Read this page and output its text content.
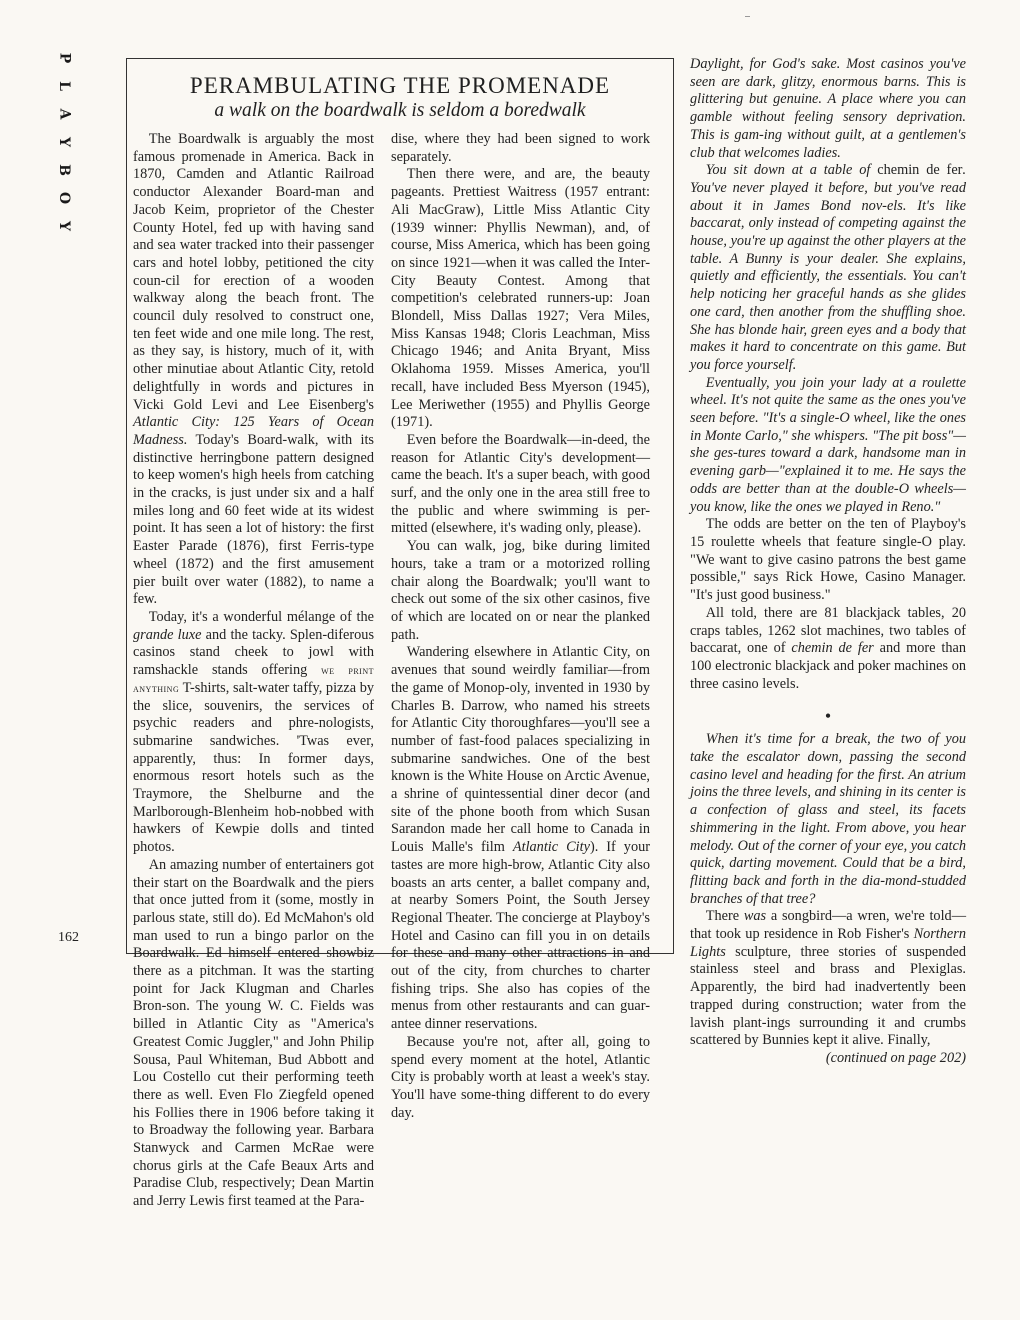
P
L
A
Y
B
O
Y
PERAMBULATING THE PROMENADE
a walk on the boardwalk is seldom a boredwalk

The Boardwalk is arguably the most famous promenade in America. Back in 1870, Camden and Atlantic Railroad conductor Alexander Board-man and Jacob Keim, proprietor of the Chester County Hotel, fed up with having sand and sea water tracked into their passenger cars and hotel lobby, petitioned the city coun-cil for erection of a wooden walkway along the beach front. The council duly resolved to construct one, ten feet wide and one mile long. The rest, as they say, is history, much of it, with other minutiae about Atlantic City, retold delightfully in words and pictures in Vicki Gold Levi and Lee Eisenberg's Atlantic City: 125 Years of Ocean Madness. Today's Board-walk, with its distinctive herringbone pattern designed to keep women's high heels from catching in the cracks, is just under six and a half miles long and 60 feet wide at its widest point. It has seen a lot of history: the first Easter Parade (1876), first Ferris-type wheel (1872) and the first amusement pier built over water (1882), to name a few.

Today, it's a wonderful mélange of the grande luxe and the tacky. Splen-diferous casinos stand cheek to jowl with ramshackle stands offering we print anything T-shirts, salt-water taffy, pizza by the slice, souvenirs, the services of psychic readers and phre-nologists, submarine sandwiches. 'Twas ever, apparently, thus: In former days, enormous resort hotels such as the Traymore, the Shelburne and the Marlborough-Blenheim hob-nobbed with hawkers of Kewpie dolls and tinted photos.

An amazing number of entertainers got their start on the Boardwalk and the piers that once jutted from it (some, mostly in parlous state, still do). Ed McMahon's old man used to run a bingo parlor on the Boardwalk. Ed himself entered showbiz there as a pitchman. It was the starting point for Jack Klugman and Charles Bron-son. The young W. C. Fields was billed in Atlantic City as "America's Greatest Comic Juggler," and John Philip Sousa, Paul Whiteman, Bud Abbott and Lou Costello cut their performing teeth there as well. Even Flo Ziegfeld opened his Follies there in 1906 before taking it to Broadway the following year. Barbara Stanwyck and Carmen McRae were chorus girls at the Cafe Beaux Arts and Paradise Club, respectively; Dean Martin and Jerry Lewis first teamed at the Para-

dise, where they had been signed to work separately.

Then there were, and are, the beauty pageants. Prettiest Waitress (1957 entrant: Ali MacGraw), Little Miss Atlantic City (1939 winner: Phyllis Newman), and, of course, Miss America, which has been going on since 1921—when it was called the Inter-City Beauty Contest. Among that competition's celebrated runners-up: Joan Blondell, Miss Dallas 1927; Vera Miles, Miss Kansas 1948; Cloris Leachman, Miss Chicago 1946; and Anita Bryant, Miss Oklahoma 1959. Misses America, you'll recall, have included Bess Myerson (1945), Lee Meriwether (1955) and Phyllis George (1971).

Even before the Boardwalk—in-deed, the reason for Atlantic City's development—came the beach. It's a super beach, with good surf, and the only one in the area still free to the public and where swimming is per-mitted (elsewhere, it's wading only, please).

You can walk, jog, bike during limited hours, take a tram or a motorized rolling chair along the Boardwalk; you'll want to check out some of the six other casinos, five of which are located on or near the planked path.

Wandering elsewhere in Atlantic City, on avenues that sound weirdly familiar—from the game of Monop-oly, invented in 1930 by Charles B. Darrow, who named his streets for Atlantic City thoroughfares—you'll see a number of fast-food palaces specializing in submarine sandwiches. One of the best known is the White House on Arctic Avenue, a shrine of quintessential diner decor (and site of the phone booth from which Susan Sarandon made her call home to Canada in Louis Malle's film Atlantic City). If your tastes are more high-brow, Atlantic City also boasts an arts center, a ballet company and, at nearby Somers Point, the South Jersey Regional Theater. The concierge at Playboy's Hotel and Casino can fill you in on details for these and many other attractions in and out of the city, from churches to charter fishing trips. She also has copies of the menus from other restaurants and can guar-antee dinner reservations.

Because you're not, after all, going to spend every moment at the hotel, Atlantic City is probably worth at least a week's stay. You'll have some-thing different to do every day.

Daylight, for God's sake. Most casinos you've seen are dark, glitzy, enormous barns. This is glittering but genuine. A place where you can gamble without feeling sensory deprivation. This is gam-ing without guilt, at a gentlemen's club that welcomes ladies.

You sit down at a table of chemin de fer. You've never played it before, but you've read about it in James Bond nov-els. It's like baccarat, only instead of competing against the house, you're up against the other players at the table. A Bunny is your dealer. She explains, quietly and efficiently, the essentials. You can't help noticing her graceful hands as she glides one card, then another from the shuffling shoe. She has blonde hair, green eyes and a body that makes it hard to concentrate on this game. But you force yourself.

Eventually, you join your lady at a roulette wheel. It's not quite the same as the ones you've seen before. "It's a single-O wheel, like the ones in Monte Carlo," she whispers. "The pit boss"—she ges-tures toward a dark, handsome man in evening garb—"explained it to me. He says the odds are better than at the double-O wheels—you know, like the ones we played in Reno."

The odds are better on the ten of Playboy's 15 roulette wheels that feature single-O play. "We want to give casino patrons the best game possible," says Rick Howe, Casino Manager. "It's just good business."

All told, there are 81 blackjack tables, 20 craps tables, 1262 slot machines, two tables of baccarat, one of chemin de fer and more than 100 electronic blackjack and poker machines on three casino levels.

•

When it's time for a break, the two of you take the escalator down, passing the second casino level and heading for the first. An atrium joins the three levels, and shining in its center is a confection of glass and steel, its facets shimmering in the light. From above, you hear melody. Out of the corner of your eye, you catch quick, darting movement. Could that be a bird, flitting back and forth in the dia-mond-studded branches of that tree?

There was a songbird—a wren, we're told—that took up residence in Rob Fisher's Northern Lights sculpture, three stories of suspended stainless steel and brass and Plexiglas. Apparently, the bird had inadvertently been trapped during construction; water from the lavish plant-ings surrounding it and crumbs scattered by Bunnies kept it alive. Finally,

(continued on page 202)

162
